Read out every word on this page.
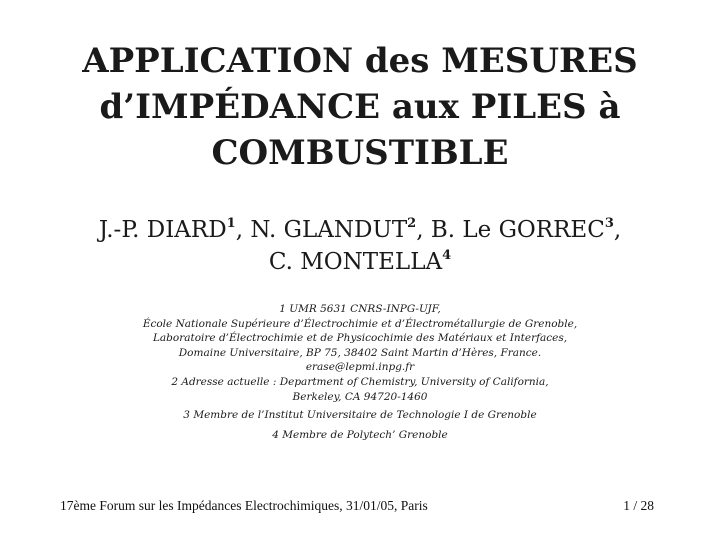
APPLICATION des MESURES
d’IMPÉDANCE aux PILES à
COMBUSTIBLE
J.-P. DIARD$^1$, N. GLANDUT$^2$, B. Le GORREC$^3$,
C. MONTELLA$^4$
1 UMR 5631 CNRS-INPG-UJF,
École Nationale Supérieure d’Électrochimie et d’Électrométallurgie de Grenoble,
Laboratoire d’Électrochimie et de Physicochimie des Matériaux et Interfaces,
Domaine Universitaire, BP 75, 38402 Saint Martin d’Hères, France.
erase@lepmi.inpg.fr
2 Adresse actuelle : Department of Chemistry, University of California,
Berkeley, CA 94720-1460
3 Membre de l’Institut Universitaire de Technologie I de Grenoble
4 Membre de Polytech’ Grenoble
17ème Forum sur les Impédances Electrochimiques, 31/01/05, Paris	1 / 28
